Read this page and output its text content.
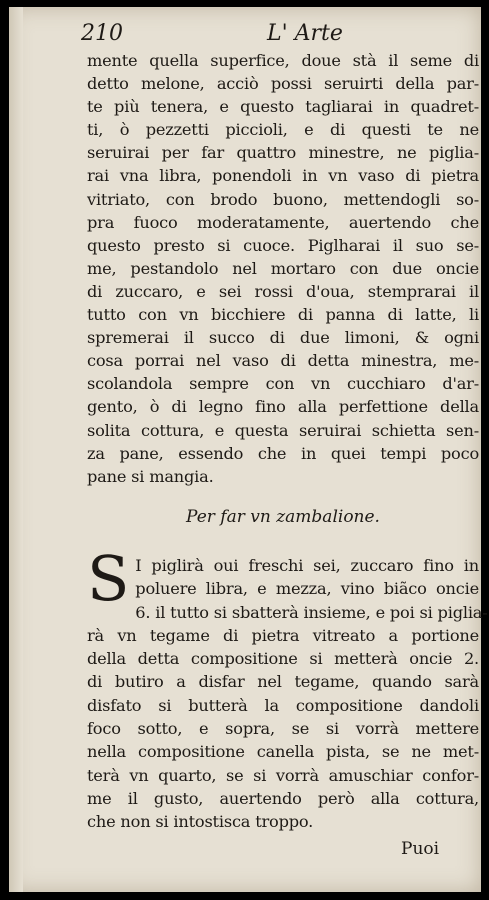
210	L' Arte
mente quella superfice, doue stà il seme di
detto melone, acciò possi seruirti della par-
te più tenera, e questo tagliarai in quadret-
ti, ò pezzetti piccioli, e di questi te ne
seruirai per far quattro minestre, ne piglia-
rai vna libra, ponendoli in vn vaso di pietra
vitriato, con brodo buono, mettendogli so-
pra fuoco moderatamente, auertendo che
questo presto si cuoce. Piglharai il suo se-
me, pestandolo nel mortaro con due oncie
di zuccaro, e sei rossi d'oua, stemprarai il
tutto con vn bicchiere di panna di latte, li
spremerai il succo di due limoni, & ogni
cosa porrai nel vaso di detta minestra, me-
scolandola sempre con vn cucchiaro d'ar-
gento, ò di legno fino alla perfettione della
solita cottura, e questa seruirai schietta sen-
za pane, essendo che in quei tempi poco
pane si mangia.
Per far vn zambalione.
S I piglirà oui freschi sei, zuccaro fino in
poluere libra, e mezza, vino biãco oncie
6. il tutto si sbatterà insieme, e poi si piglia-
rà vn tegame di pietra vitreato a portione
della detta compositione si metterà oncie 2.
di butiro a disfar nel tegame, quando sarà
disfato si butterà la compositione dandoli
foco sotto, e sopra, se si vorrà mettere
nella compositione canella pista, se ne met-
terà vn quarto, se si vorrà amuschiar confor-
me il gusto, auertendo però alla cottura,
che non si intostisca troppo.
Puoi
